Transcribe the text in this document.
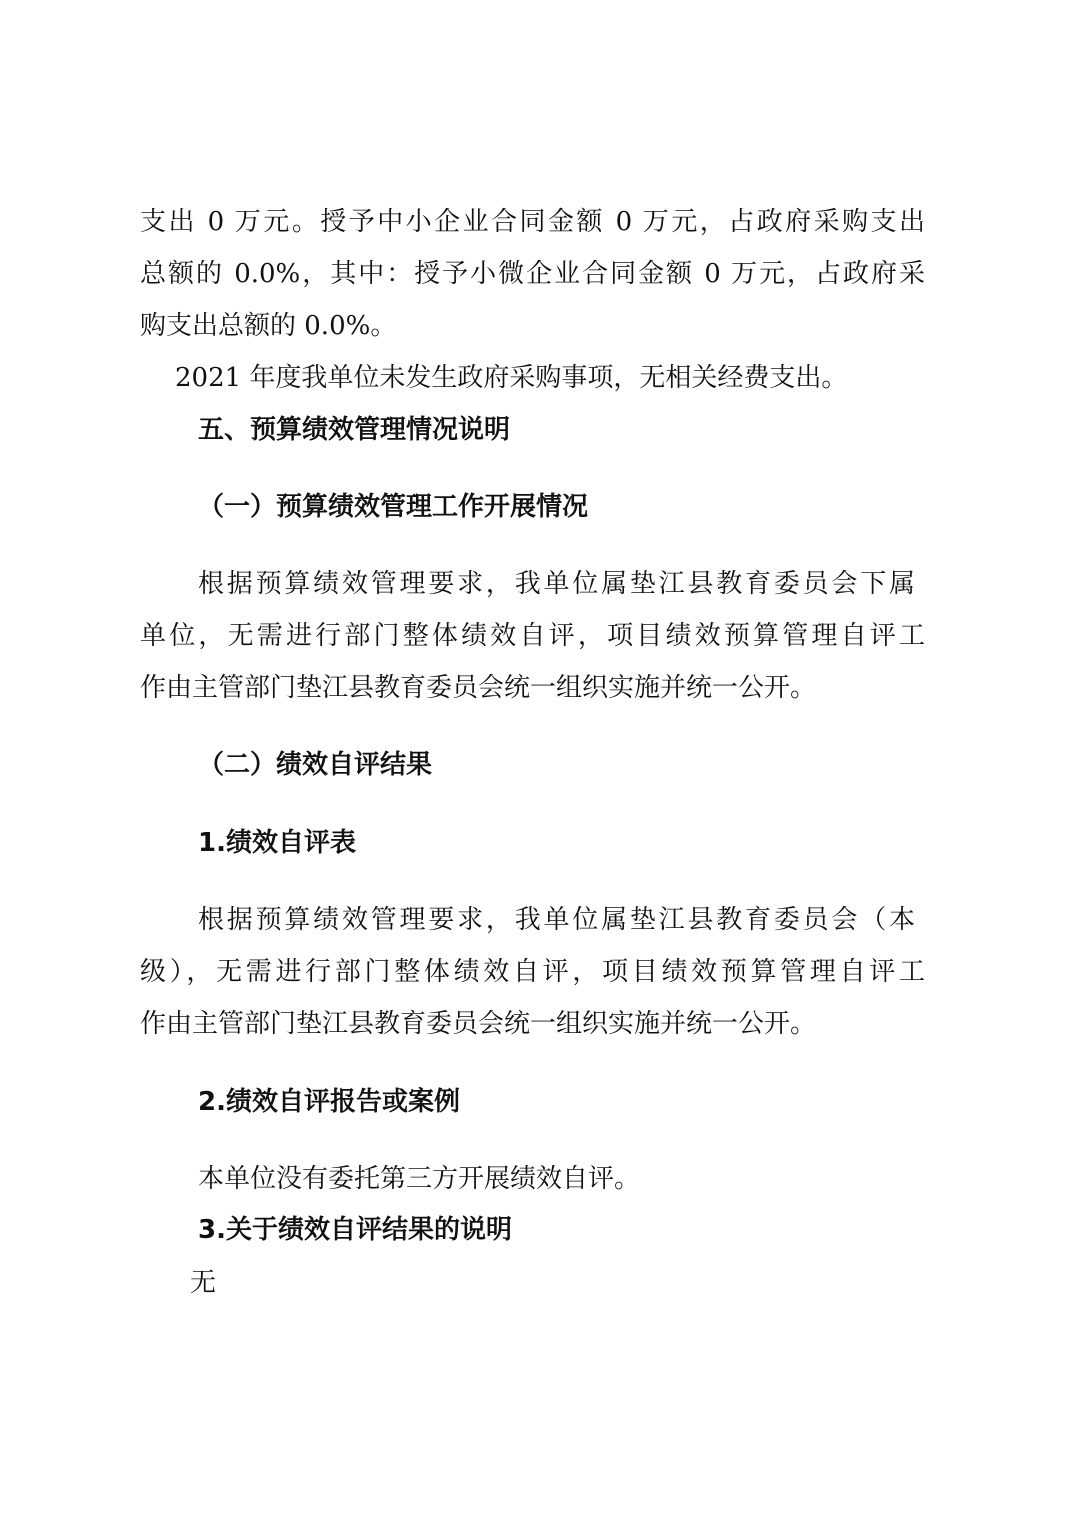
支出 0 万元。授予中小企业合同金额 0 万元，占政府采购支出
总额的 0.0%，其中：授予小微企业合同金额 0 万元，占政府采
购支出总额的 0.0%。
2021 年度我单位未发生政府采购事项，无相关经费支出。
五、预算绩效管理情况说明
（一）预算绩效管理工作开展情况
根据预算绩效管理要求，我单位属垫江县教育委员会下属
单位，无需进行部门整体绩效自评，项目绩效预算管理自评工
作由主管部门垫江县教育委员会统一组织实施并统一公开。
（二）绩效自评结果
1.绩效自评表
根据预算绩效管理要求，我单位属垫江县教育委员会（本
级），无需进行部门整体绩效自评，项目绩效预算管理自评工
作由主管部门垫江县教育委员会统一组织实施并统一公开。
2.绩效自评报告或案例
本单位没有委托第三方开展绩效自评。
3.关于绩效自评结果的说明
无
